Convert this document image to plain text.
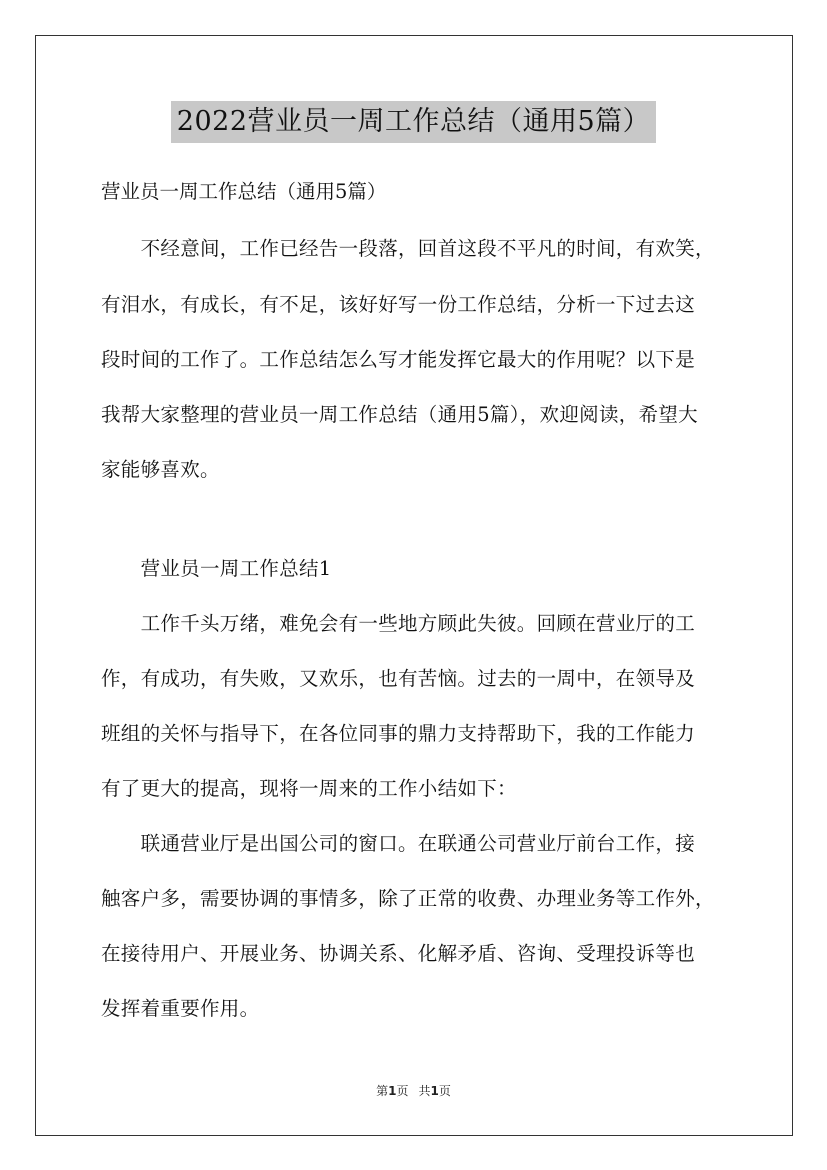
2022营业员一周工作总结（通用5篇）

营业员一周工作总结（通用5篇）

　　不经意间，工作已经告一段落，回首这段不平凡的时间，有欢笑，

有泪水，有成长，有不足，该好好写一份工作总结，分析一下过去这

段时间的工作了。工作总结怎么写才能发挥它最大的作用呢？以下是

我帮大家整理的营业员一周工作总结（通用5篇），欢迎阅读，希望大

家能够喜欢。

　　营业员一周工作总结1

　　工作千头万绪，难免会有一些地方顾此失彼。回顾在营业厅的工

作，有成功，有失败，又欢乐，也有苦恼。过去的一周中，在领导及

班组的关怀与指导下，在各位同事的鼎力支持帮助下，我的工作能力

有了更大的提高，现将一周来的工作小结如下：

　　联通营业厅是出国公司的窗口。在联通公司营业厅前台工作，接

触客户多，需要协调的事情多，除了正常的收费、办理业务等工作外，

在接待用户、开展业务、协调关系、化解矛盾、咨询、受理投诉等也

发挥着重要作用。

第1页 共1页
